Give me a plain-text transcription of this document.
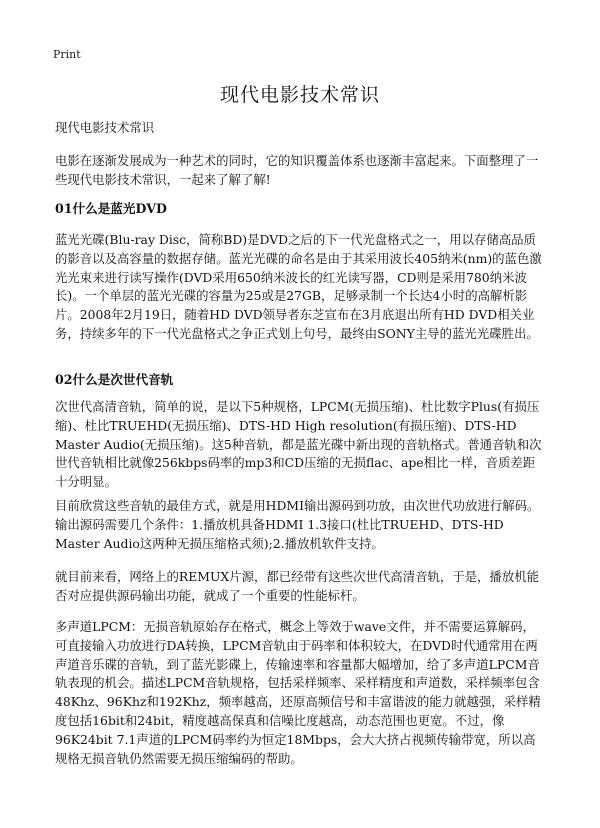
Print
现代电影技术常识
现代电影技术常识
电影在逐渐发展成为一种艺术的同时，它的知识覆盖体系也逐渐丰富起来。下面整理了一些现代电影技术常识，一起来了解了解!
01什么是蓝光DVD
蓝光光碟(Blu-ray Disc，简称BD)是DVD之后的下一代光盘格式之一，用以存储高品质的影音以及高容量的数据存储。蓝光光碟的命名是由于其采用波长405纳米(nm)的蓝色激光光束来进行读写操作(DVD采用650纳米波长的红光读写器，CD则是采用780纳米波长)。一个单层的蓝光光碟的容量为25或是27GB，足够录制一个长达4小时的高解析影片。2008年2月19日，随着HD DVD领导者东芝宣布在3月底退出所有HD DVD相关业务，持续多年的下一代光盘格式之争正式划上句号，最终由SONY主导的蓝光光碟胜出。
02什么是次世代音轨
次世代高清音轨，简单的说，是以下5种规格，LPCM(无损压缩)、杜比数字Plus(有损压缩)、杜比TRUEHD(无损压缩)、DTS-HD High resolution(有损压缩)、DTS-HD Master Audio(无损压缩)。这5种音轨，都是蓝光碟中新出现的音轨格式。普通音轨和次世代音轨相比就像256kbps码率的mp3和CD压缩的无损flac、ape相比一样，音质差距十分明显。
目前欣赏这些音轨的最佳方式，就是用HDMI输出源码到功放，由次世代功放进行解码。输出源码需要几个条件：1.播放机具备HDMI 1.3接口(杜比TRUEHD、DTS-HD Master Audio这两种无损压缩格式须);2.播放机软件支持。
就目前来看，网络上的REMUX片源，都已经带有这些次世代高清音轨，于是，播放机能否对应提供源码输出功能，就成了一个重要的性能标杆。
多声道LPCM：无损音轨原始存在格式，概念上等效于wave文件，并不需要运算解码，可直接输入功放进行DA转换，LPCM音轨由于码率和体积较大，在DVD时代通常用在两声道音乐碟的音轨，到了蓝光影碟上，传输速率和容量都大幅增加，给了多声道LPCM音轨表现的机会。描述LPCM音轨规格，包括采样频率、采样精度和声道数，采样频率包含48Khz、96Khz和192Khz，频率越高，还原高频信号和丰富谐波的能力就越强，采样精度包括16bit和24bit，精度越高保真和信噪比度越高，动态范围也更宽。不过，像96K24bit 7.1声道的LPCM码率约为恒定18Mbps，会大大挤占视频传输带宽，所以高规格无损音轨仍然需要无损压缩编码的帮助。
